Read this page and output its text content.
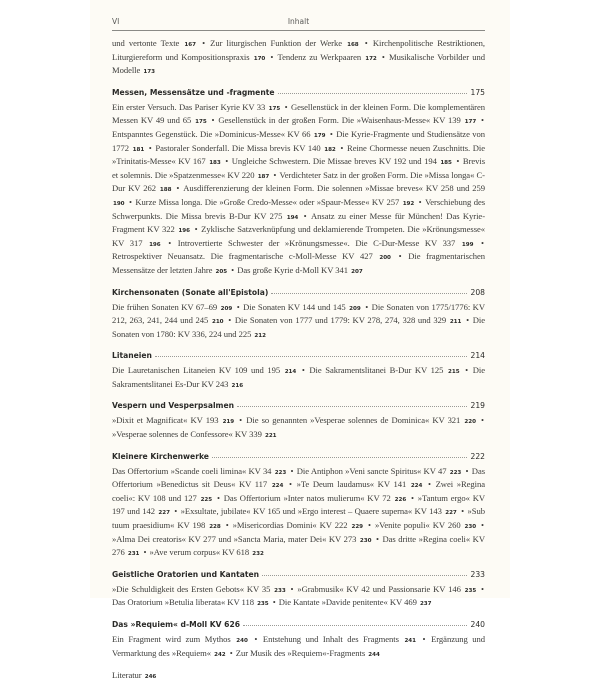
VI	Inhalt
und vertonte Texte 167 • Zur liturgischen Funktion der Werke 168 • Kirchenpolitische Restriktionen, Liturgiereform und Kompositionspraxis 170 • Tendenz zu Werkpaaren 172 • Musikalische Vorbilder und Modelle 173
Messen, Messensätze und -fragmente	175
Ein erster Versuch. Das Pariser Kyrie KV 33 175 • Gesellenstück in der kleinen Form. Die komplementären Messen KV 49 und 65 175 • Gesellenstück in der großen Form. Die »Waisenhaus-Messe« KV 139 177 • Entspanntes Gegenstück. Die »Dominicus-Messe« KV 66 179 • Die Kyrie-Fragmente und Studiensätze von 1772 181 • Pastoraler Sonderfall. Die Missa brevis KV 140 182 • Reine Chormesse neuen Zuschnitts. Die »Trinitatis-Messe« KV 167 183 • Ungleiche Schwestern. Die Missae breves KV 192 und 194 185 • Brevis et solemnis. Die »Spatzenmesse« KV 220 187 • Verdichteter Satz in der großen Form. Die »Missa longa« C-Dur KV 262 188 • Ausdifferenzierung der kleinen Form. Die solennen »Missae breves« KV 258 und 259 190 • Kurze Missa longa. Die »Große Credo-Messe« oder »Spaur-Messe« KV 257 192 • Verschiebung des Schwerpunkts. Die Missa brevis B-Dur KV 275 194 • Ansatz zu einer Messe für München! Das Kyrie-Fragment KV 322 196 • Zyklische Satzverknüpfung und deklamierende Trompeten. Die »Krönungsmesse« KV 317 196 • Introvertierte Schwester der »Krönungsmesse«. Die C-Dur-Messe KV 337 199 • Retrospektiver Neuansatz. Die fragmentarische c-Moll-Messe KV 427 200 • Die fragmentarischen Messensätze der letzten Jahre 205 • Das große Kyrie d-Moll KV 341 207
Kirchensonaten (Sonate all'Epistola)	208
Die frühen Sonaten KV 67–69 209 • Die Sonaten KV 144 und 145 209 • Die Sonaten von 1775/1776: KV 212, 263, 241, 244 und 245 210 • Die Sonaten von 1777 und 1779: KV 278, 274, 328 und 329 211 • Die Sonaten von 1780: KV 336, 224 und 225 212
Litaneien	214
Die Lauretanischen Litaneien KV 109 und 195 214 • Die Sakramentslitanei B-Dur KV 125 215 • Die Sakramentslitanei Es-Dur KV 243 216
Vespern und Vesperpsalmen	219
»Dixit et Magnificat« KV 193 219 • Die so genannten »Vesperae solennes de Dominica« KV 321 220 • »Vesperae solennes de Confessore« KV 339 221
Kleinere Kirchenwerke	222
Das Offertorium »Scande coeli limina« KV 34 223 • Die Antiphon »Veni sancte Spiritus« KV 47 223 • Das Offertorium »Benedictus sit Deus« KV 117 224 • »Te Deum laudamus« KV 141 224 • Zwei »Regina coeli«: KV 108 und 127 225 • Das Offertorium »Inter natos mulierum« KV 72 226 • »Tantum ergo« KV 197 und 142 227 • »Exsultate, jubilate« KV 165 und »Ergo interest – Quaere superna« KV 143 227 • »Sub tuum praesidium« KV 198 228 • »Misericordias Domini« KV 222 229 • »Venite populi« KV 260 230 • »Alma Dei creatoris« KV 277 und »Sancta Maria, mater Dei« KV 273 230 • Das dritte »Regina coeli« KV 276 231 • »Ave verum corpus« KV 618 232
Geistliche Oratorien und Kantaten	233
»Die Schuldigkeit des Ersten Gebots« KV 35 233 • »Grabmusik« KV 42 und Passionsarie KV 146 235 • Das Oratorium »Betulia liberata« KV 118 235 • Die Kantate »Davide penitente« KV 469 237
Das »Requiem« d-Moll KV 626	240
Ein Fragment wird zum Mythos 240 • Entstehung und Inhalt des Fragments 241 • Ergänzung und Vermarktung des »Requiem« 242 • Zur Musik des »Requiem«-Fragments 244
Literatur 246
